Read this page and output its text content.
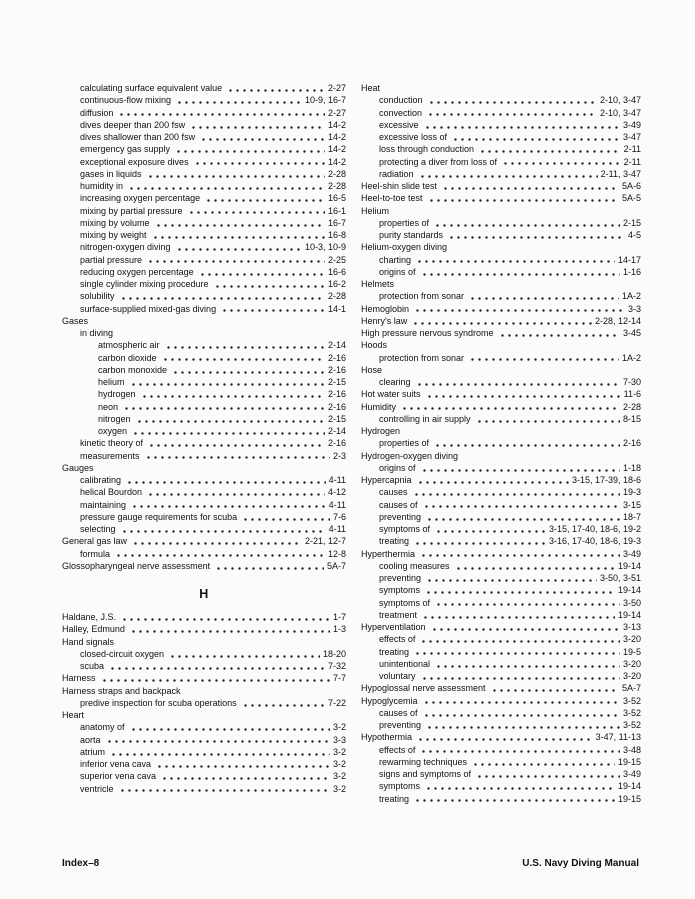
calculating surface equivalent value	2-27
continuous-flow mixing	10-9, 16-7
diffusion	2-27
dives deeper than 200 fsw	14-2
dives shallower than 200 fsw	14-2
emergency gas supply	14-2
exceptional exposure dives	14-2
gases in liquids	2-28
humidity in	2-28
increasing oxygen percentage	16-5
mixing by partial pressure	16-1
mixing by volume	16-7
mixing by weight	16-8
nitrogen-oxygen diving	10-3, 10-9
partial pressure	2-25
reducing oxygen percentage	16-6
single cylinder mixing procedure	16-2
solubility	2-28
surface-supplied mixed-gas diving	14-1
Gases
in diving
atmospheric air	2-14
carbon dioxide	2-16
carbon monoxide	2-16
helium	2-15
hydrogen	2-16
neon	2-16
nitrogen	2-15
oxygen	2-14
kinetic theory of	2-16
measurements	2-3
Gauges
calibrating	4-11
helical Bourdon	4-12
maintaining	4-11
pressure gauge requirements for scuba	7-6
selecting	4-11
General gas law	2-21, 12-7
formula	12-8
Glossopharyngeal nerve assessment	5A-7
H
Haldane, J.S.	1-7
Halley, Edmund	1-3
Hand signals
closed-circuit oxygen	18-20
scuba	7-32
Harness	7-7
Harness straps and backpack
predive inspection for scuba operations	7-22
Heart
anatomy of	3-2
aorta	3-3
atrium	3-2
inferior vena cava	3-2
superior vena cava	3-2
ventricle	3-2
Heat
conduction	2-10, 3-47
convection	2-10, 3-47
excessive	3-49
excessive loss of	3-47
loss through conduction	2-11
protecting a diver from loss of	2-11
radiation	2-11, 3-47
Heel-shin slide test	5A-6
Heel-to-toe test	5A-5
Helium
properties of	2-15
purity standards	4-5
Helium-oxygen diving
charting	14-17
origins of	1-16
Helmets
protection from sonar	1A-2
Hemoglobin	3-3
Henry's law	2-28, 12-14
High pressure nervous syndrome	3-45
Hoods
protection from sonar	1A-2
Hose
clearing	7-30
Hot water suits	11-6
Humidity	2-28
controlling in air supply	8-15
Hydrogen
properties of	2-16
Hydrogen-oxygen diving
origins of	1-18
Hypercapnia	3-15, 17-39, 18-6
causes	19-3
causes of	3-15
preventing	18-7
symptoms of	3-15, 17-40, 18-6, 19-2
treating	3-16, 17-40, 18-6, 19-3
Hyperthermia	3-49
cooling measures	19-14
preventing	3-50, 3-51
symptoms	19-14
symptoms of	3-50
treatment	19-14
Hyperventilation	3-13
effects of	3-20
treating	19-5
unintentional	3-20
voluntary	3-20
Hypoglossal nerve assessment	5A-7
Hypoglycemia	3-52
causes of	3-52
preventing	3-52
Hypothermia	3-47, 11-13
effects of	3-48
rewarming techniques	19-15
signs and symptoms of	3-49
symptoms	19-14
treating	19-15
Index–8	U.S. Navy Diving Manual
